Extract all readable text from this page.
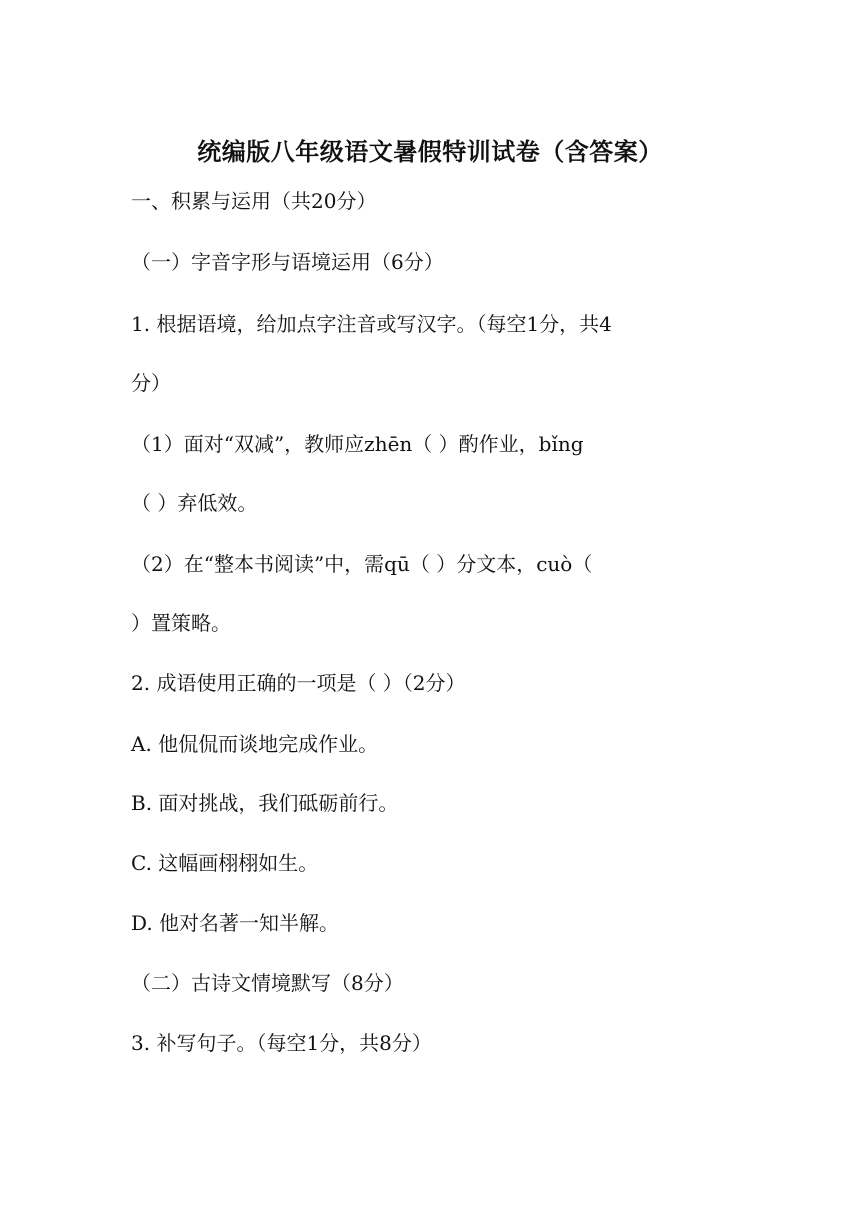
统编版八年级语文暑假特训试卷（含答案）
一、积累与运用（共20分）
（一）字音字形与语境运用（6分）
1. 根据语境，给加点字注音或写汉字。（每空1分，共4
分）
（1）面对“双减”，教师应zhēn（ ）酌作业，bǐng
（ ）弃低效。
（2）在“整本书阅读”中，需qū（ ）分文本，cuò（
）置策略。
2. 成语使用正确的一项是（ ）（2分）
A. 他侃侃而谈地完成作业。
B. 面对挑战，我们砥砺前行。
C. 这幅画栩栩如生。
D. 他对名著一知半解。
（二）古诗文情境默写（8分）
3. 补写句子。（每空1分，共8分）
